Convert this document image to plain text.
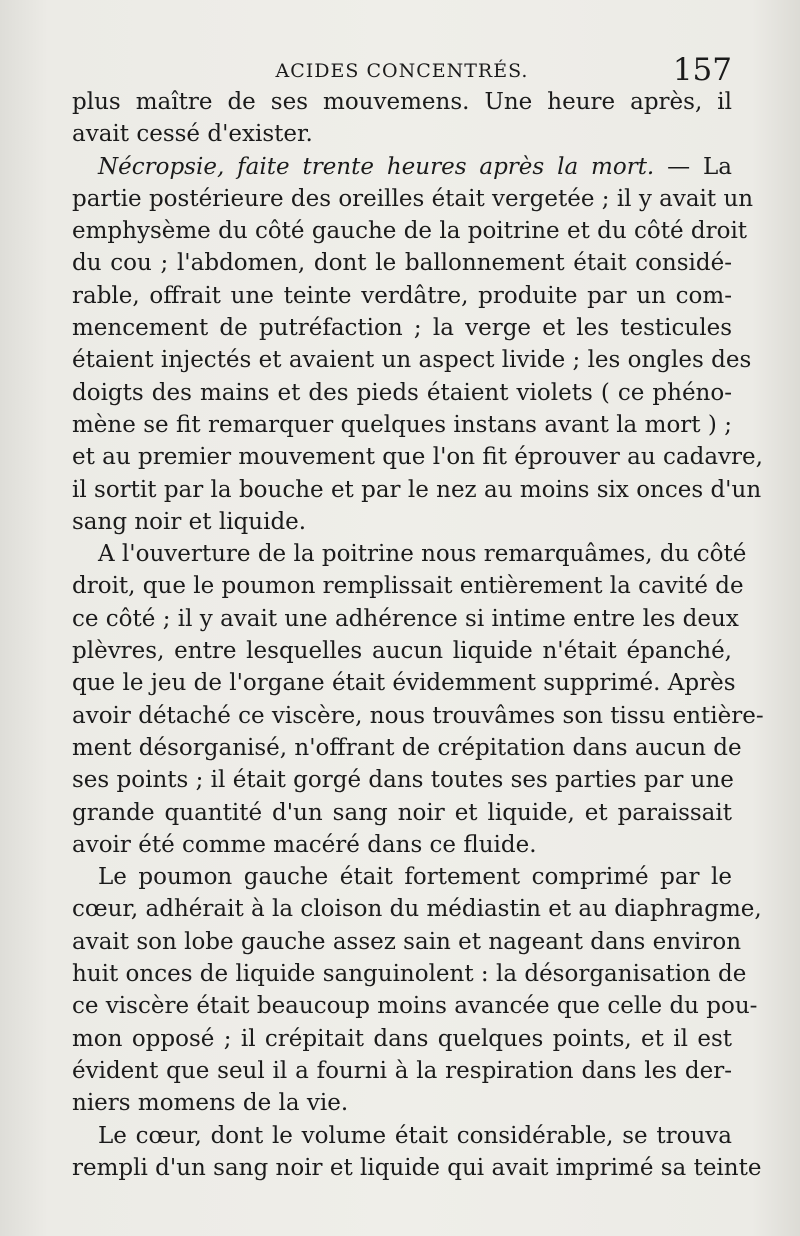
ACIDES CONCENTRÉS.	157
plus maître de ses mouvemens. Une heure après, il
avait cessé d'exister.
Nécropsie, faite trente heures après la mort. — La
partie postérieure des oreilles était vergetée ; il y avait un
emphysème du côté gauche de la poitrine et du côté droit
du cou ; l'abdomen, dont le ballonnement était considé-
rable, offrait une teinte verdâtre, produite par un com-
mencement de putréfaction ; la verge et les testicules
étaient injectés et avaient un aspect livide ; les ongles des
doigts des mains et des pieds étaient violets ( ce phéno-
mène se fit remarquer quelques instans avant la mort ) ;
et au premier mouvement que l'on fit éprouver au cadavre,
il sortit par la bouche et par le nez au moins six onces d'un
sang noir et liquide.
A l'ouverture de la poitrine nous remarquâmes, du côté
droit, que le poumon remplissait entièrement la cavité de
ce côté ; il y avait une adhérence si intime entre les deux
plèvres, entre lesquelles aucun liquide n'était épanché,
que le jeu de l'organe était évidemment supprimé. Après
avoir détaché ce viscère, nous trouvâmes son tissu entière-
ment désorganisé, n'offrant de crépitation dans aucun de
ses points ; il était gorgé dans toutes ses parties par une
grande quantité d'un sang noir et liquide, et paraissait
avoir été comme macéré dans ce fluide.
Le poumon gauche était fortement comprimé par le
cœur, adhérait à la cloison du médiastin et au diaphragme,
avait son lobe gauche assez sain et nageant dans environ
huit onces de liquide sanguinolent : la désorganisation de
ce viscère était beaucoup moins avancée que celle du pou-
mon opposé ; il crépitait dans quelques points, et il est
évident que seul il a fourni à la respiration dans les der-
niers momens de la vie.
Le cœur, dont le volume était considérable, se trouva
rempli d'un sang noir et liquide qui avait imprimé sa teinte
